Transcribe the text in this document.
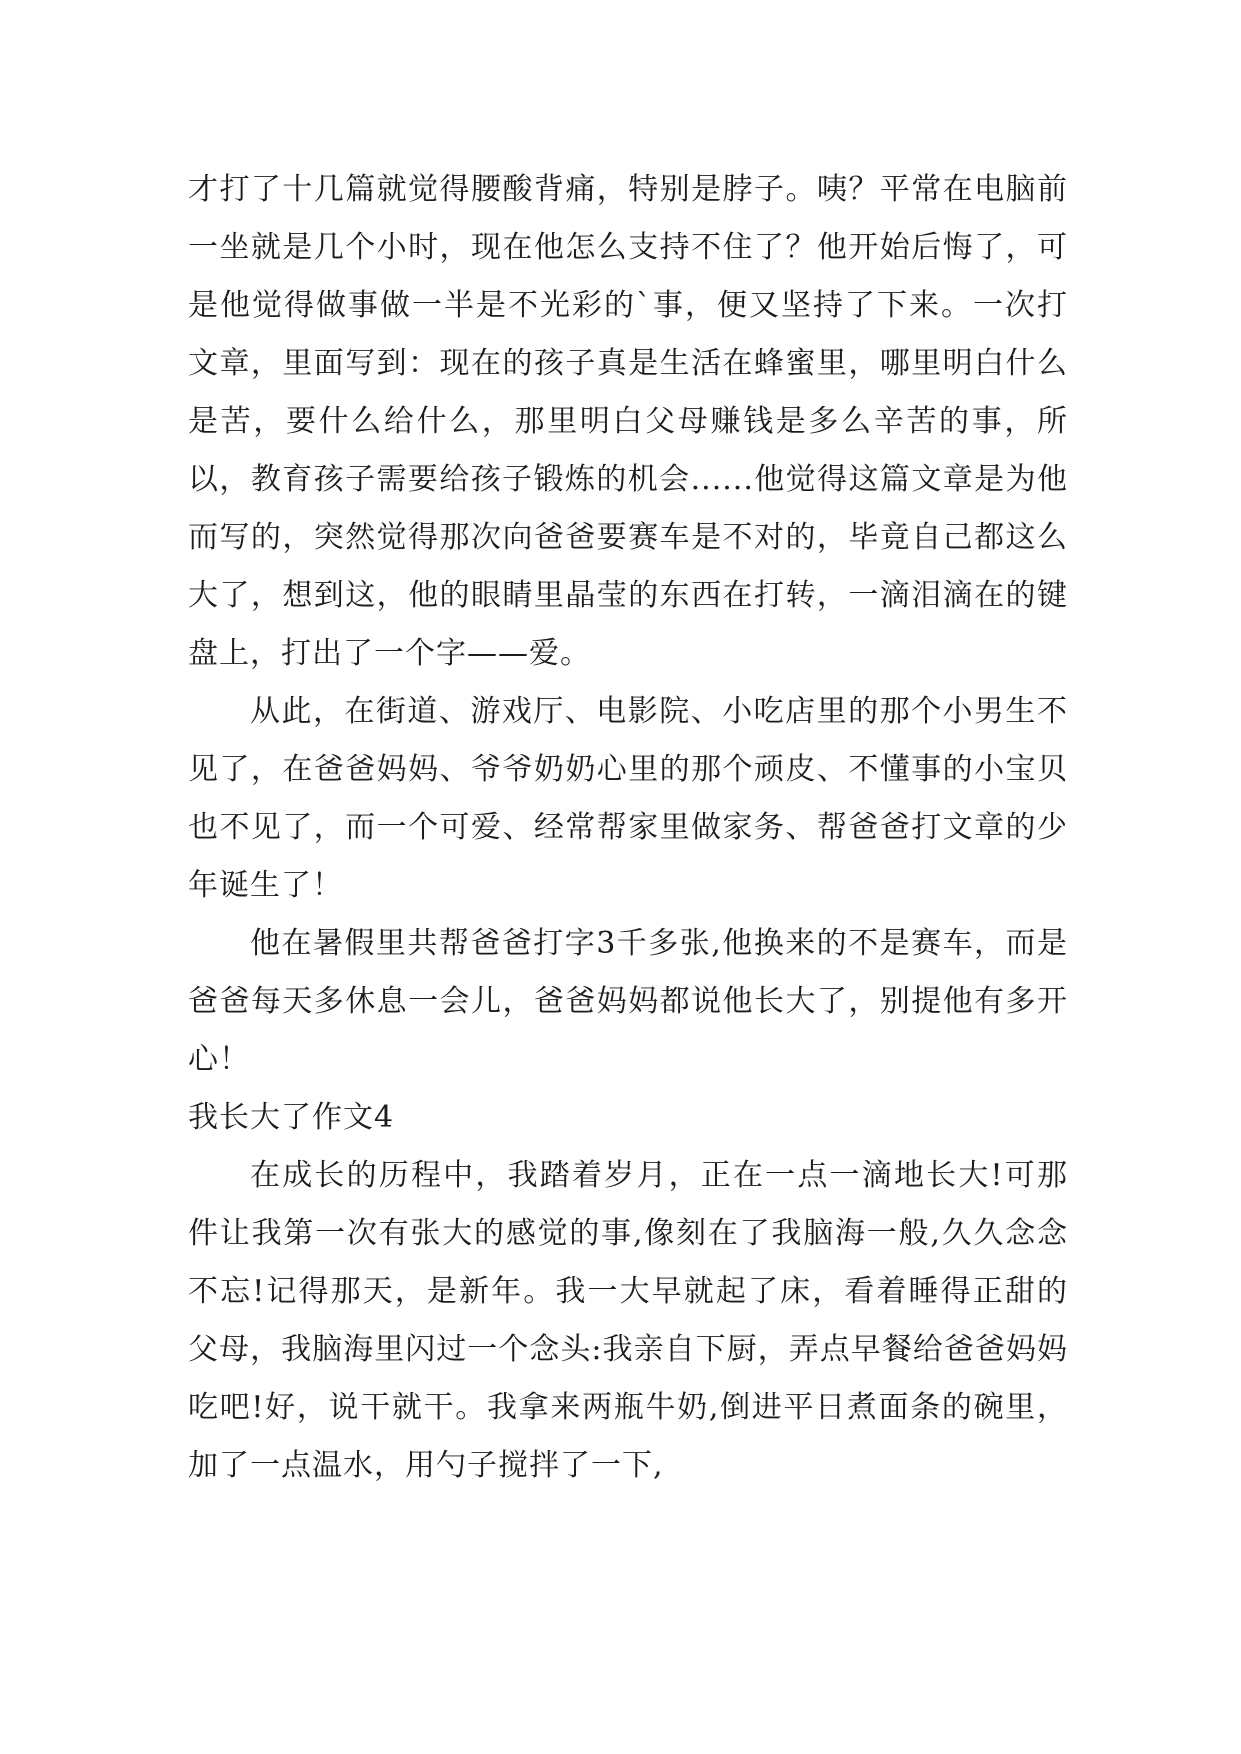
才打了十几篇就觉得腰酸背痛，特别是脖子。咦？平常在电脑前一坐就是几个小时，现在他怎么支持不住了？他开始后悔了，可是他觉得做事做一半是不光彩的`事，便又坚持了下来。一次打文章，里面写到：现在的孩子真是生活在蜂蜜里，哪里明白什么是苦，要什么给什么，那里明白父母赚钱是多么辛苦的事，所以，教育孩子需要给孩子锻炼的机会......他觉得这篇文章是为他而写的，突然觉得那次向爸爸要赛车是不对的，毕竟自己都这么大了，想到这，他的眼睛里晶莹的东西在打转，一滴泪滴在的键盘上，打出了一个字——爱。

从此，在街道、游戏厅、电影院、小吃店里的那个小男生不见了，在爸爸妈妈、爷爷奶奶心里的那个顽皮、不懂事的小宝贝也不见了，而一个可爱、经常帮家里做家务、帮爸爸打文章的少年诞生了！

他在暑假里共帮爸爸打字3千多张,他换来的不是赛车，而是爸爸每天多休息一会儿，爸爸妈妈都说他长大了，别提他有多开心！

我长大了作文4

在成长的历程中，我踏着岁月，正在一点一滴地长大!可那件让我第一次有张大的感觉的事,像刻在了我脑海一般,久久念念不忘!记得那天，是新年。我一大早就起了床，看着睡得正甜的父母，我脑海里闪过一个念头:我亲自下厨，弄点早餐给爸爸妈妈吃吧!好，说干就干。我拿来两瓶牛奶,倒进平日煮面条的碗里，加了一点温水，用勺子搅拌了一下,
